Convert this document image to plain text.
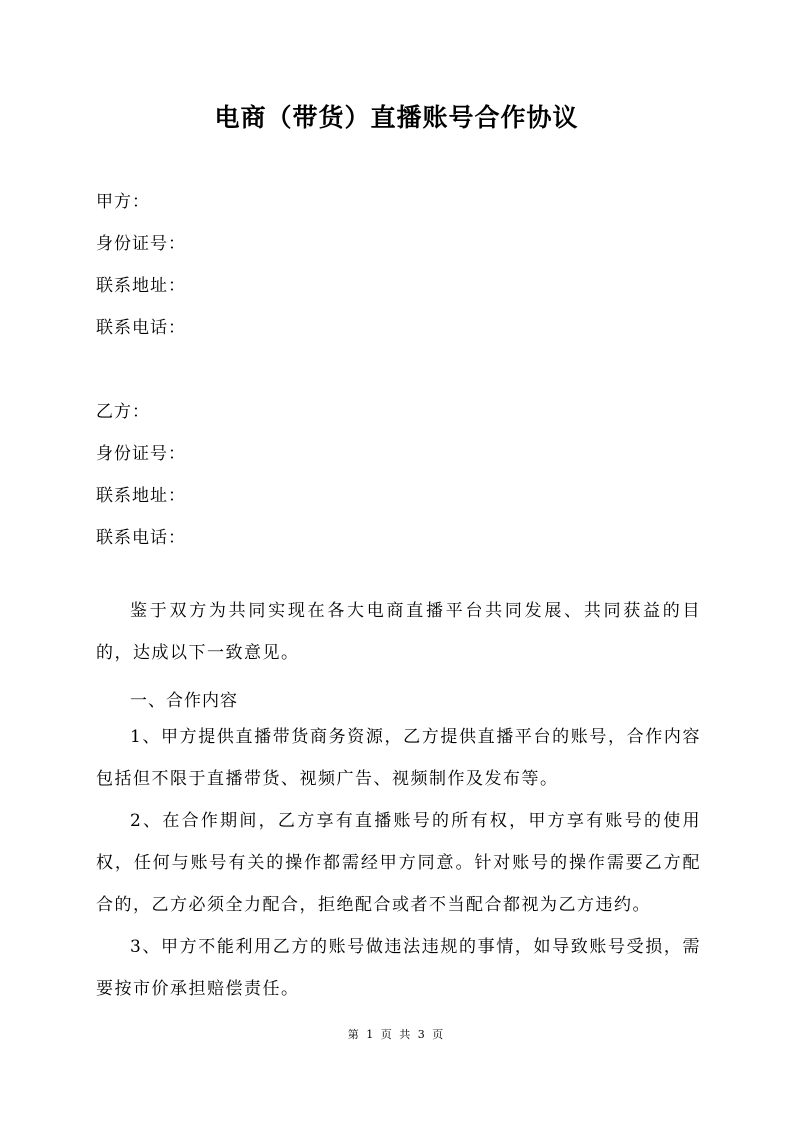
电商（带货）直播账号合作协议
甲方：
身份证号：
联系地址：
联系电话：
乙方：
身份证号：
联系地址：
联系电话：
鉴于双方为共同实现在各大电商直播平台共同发展、共同获益的目的，达成以下一致意见。
一、合作内容
1、甲方提供直播带货商务资源，乙方提供直播平台的账号，合作内容包括但不限于直播带货、视频广告、视频制作及发布等。
2、在合作期间，乙方享有直播账号的所有权，甲方享有账号的使用权，任何与账号有关的操作都需经甲方同意。针对账号的操作需要乙方配合的，乙方必须全力配合，拒绝配合或者不当配合都视为乙方违约。
3、甲方不能利用乙方的账号做违法违规的事情，如导致账号受损，需要按市价承担赔偿责任。
第 1 页 共 3 页
